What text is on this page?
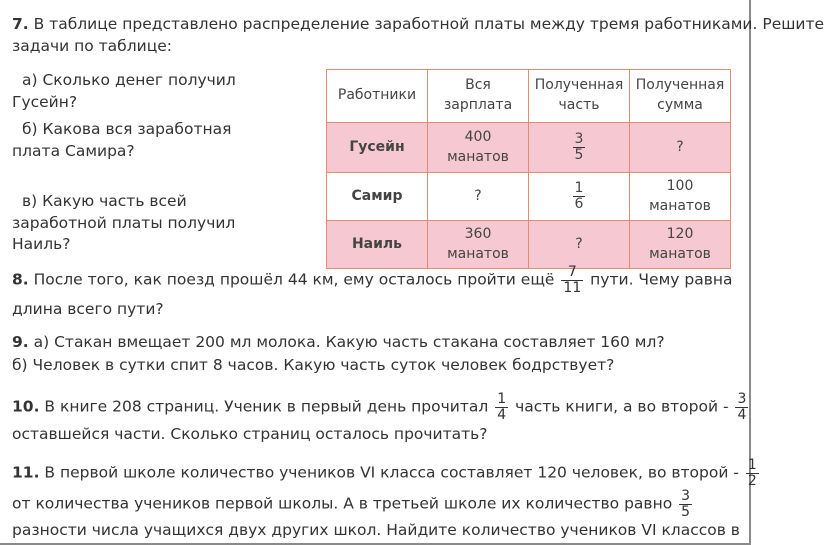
7. В таблице представлено распределение заработной платы между тремя работниками. Решите

задачи по таблице:

а) Сколько денег получил Гусейн?

б) Какова вся заработная плата Самира?

в) Какую часть всей заработной платы получил Наиль?

Работники	Вся зарплата	Полученная часть	Полученная сумма
Гусейн	400 манатов	$\frac{3}{5}$	?
Самир	?	$\frac{1}{6}$	100 манатов
Наиль	360 манатов	?	120 манатов

8. После того, как поезд прошёл 44 км, ему осталось пройти ещё $\frac{7}{11}$ пути. Чему равна

длина всего пути?

9. а) Стакан вмещает 200 мл молока. Какую часть стакана составляет 160 мл?

б) Человек в сутки спит 8 часов. Какую часть суток человек бодрствует?

10. В книге 208 страниц. Ученик в первый день прочитал $\frac{1}{4}$ часть книги, а во второй - $\frac{3}{4}$

оставшейся части. Сколько страниц осталось прочитать?

11. В первой школе количество учеников VI класса составляет 120 человек, во второй - $\frac{1}{2}$

от количества учеников первой школы. А в третьей школе их количество равно $\frac{3}{5}$

разности числа учащихся двух других школ. Найдите количество учеников VI классов в
